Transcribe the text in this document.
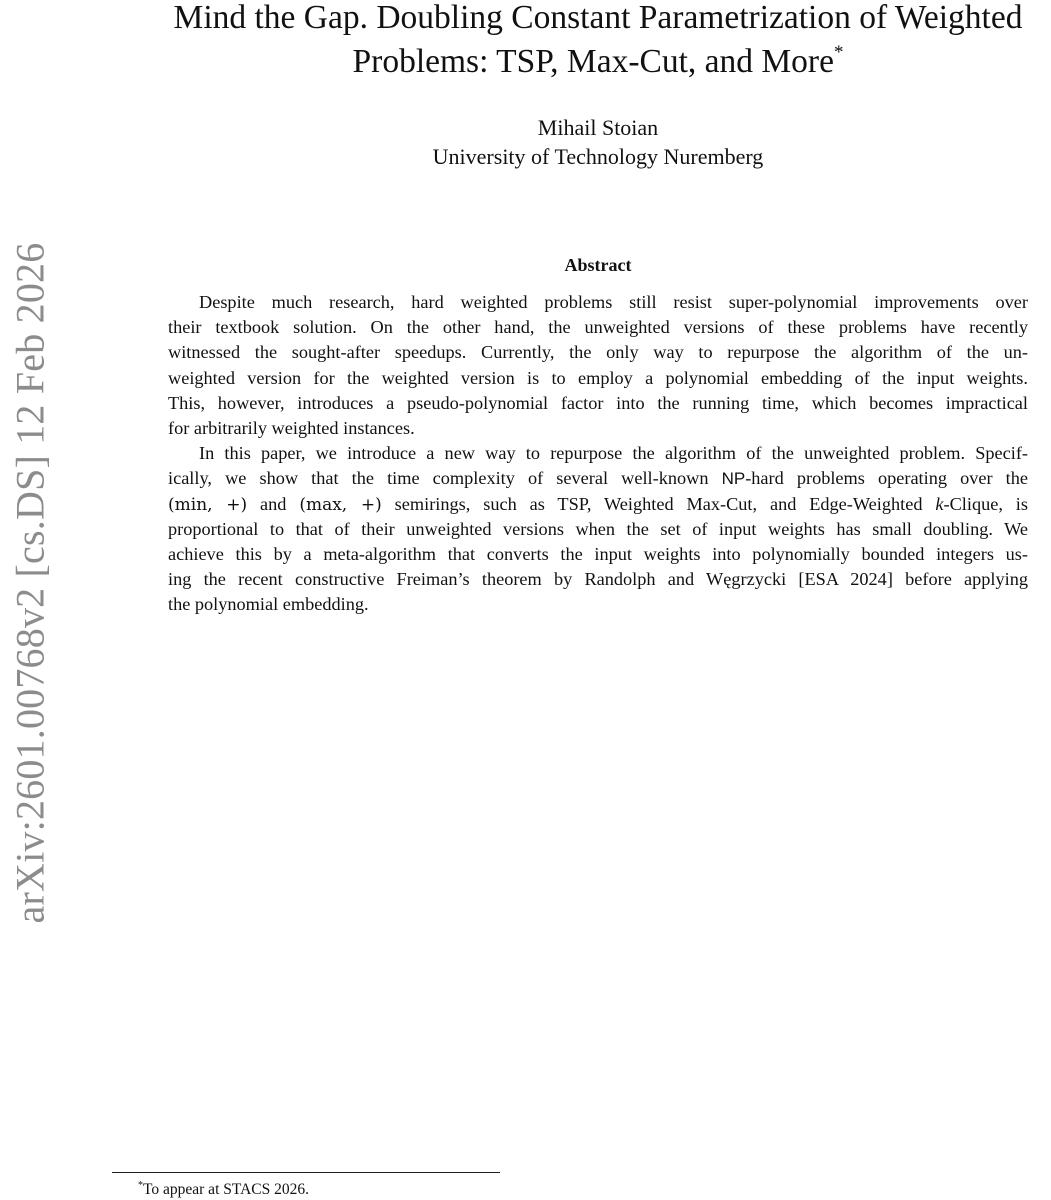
arXiv:2601.00768v2 [cs.DS] 12 Feb 2026
Mind the Gap. Doubling Constant Parametrization of Weighted
Problems: TSP, Max-Cut, and More*
Mihail Stoian
University of Technology Nuremberg
Abstract
Despite much research, hard weighted problems still resist super-polynomial improvements over
their textbook solution. On the other hand, the unweighted versions of these problems have recently
witnessed the sought-after speedups. Currently, the only way to repurpose the algorithm of the un-
weighted version for the weighted version is to employ a polynomial embedding of the input weights.
This, however, introduces a pseudo-polynomial factor into the running time, which becomes impractical
for arbitrarily weighted instances.
In this paper, we introduce a new way to repurpose the algorithm of the unweighted problem. Specif-
ically, we show that the time complexity of several well-known NP-hard problems operating over the
(min, +) and (max, +) semirings, such as TSP, Weighted Max-Cut, and Edge-Weighted k-Clique, is
proportional to that of their unweighted versions when the set of input weights has small doubling. We
achieve this by a meta-algorithm that converts the input weights into polynomially bounded integers us-
ing the recent constructive Freiman’s theorem by Randolph and Węgrzycki [ESA 2024] before applying
the polynomial embedding.
*To appear at STACS 2026.
